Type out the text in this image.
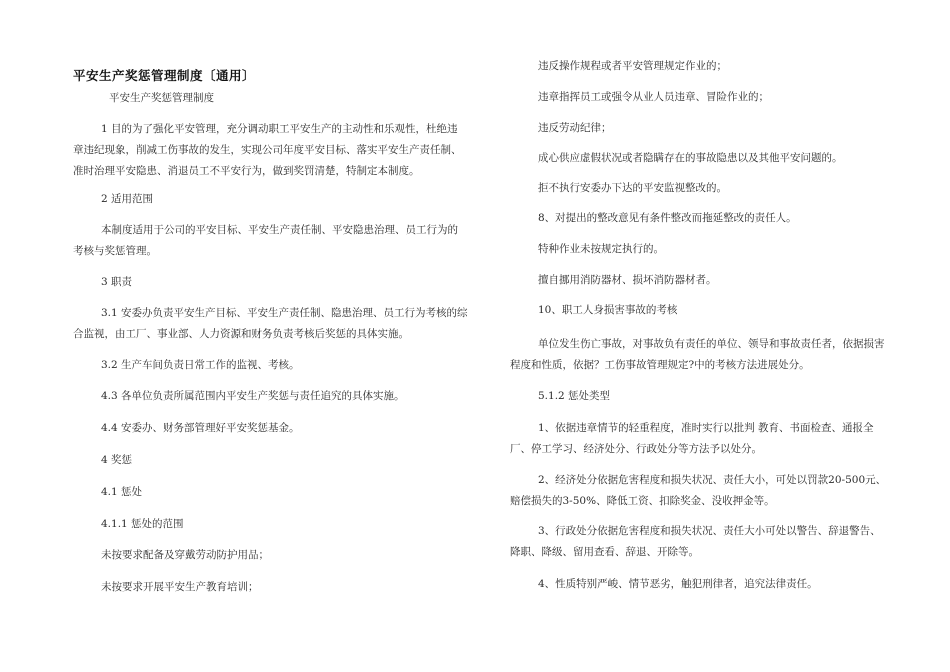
平安生产奖惩管理制度〔通用〕

平安生产奖惩管理制度

1 目的为了强化平安管理，充分调动职工平安生产的主动性和乐观性，杜绝违章违纪现象，削减工伤事故的发生，实现公司年度平安目标、落实平安生产责任制、准时治理平安隐患、消退员工不平安行为，做到奖罚清楚，特制定本制度。

2 适用范围

本制度适用于公司的平安目标、平安生产责任制、平安隐患治理、员工行为的考核与奖惩管理。

3 职责

3.1 安委办负责平安生产目标、平安生产责任制、隐患治理、员工行为考核的综合监视，由工厂、事业部、人力资源和财务负责考核后奖惩的具体实施。

3.2 生产车间负责日常工作的监视、考核。

4.3 各单位负责所属范围内平安生产奖惩与责任追究的具体实施。

4.4 安委办、财务部管理好平安奖惩基金。

4 奖惩

4.1 惩处

4.1.1 惩处的范围

未按要求配备及穿戴劳动防护用品；

未按要求开展平安生产教育培训；

违反操作规程或者平安管理规定作业的；

违章指挥员工或强令从业人员违章、冒险作业的；

违反劳动纪律；

成心供应虚假状况或者隐瞒存在的事故隐患以及其他平安问题的。

拒不执行安委办下达的平安监视整改的。

8、对提出的整改意见有条件整改而拖延整改的责任人。

特种作业未按规定执行的。

擅自挪用消防器材、损坏消防器材者。

10、职工人身损害事故的考核

单位发生伤亡事故，对事故负有责任的单位、领导和事故责任者，依据损害程度和性质，依据？工伤事故管理规定?中的考核方法进展处分。

5.1.2 惩处类型

1、依据违章情节的轻重程度，准时实行以批判 教育、书面检查、通报全厂、停工学习、经济处分、行政处分等方法予以处分。

2、经济处分依据危害程度和损失状况、责任大小，可处以罚款20-500元、赔偿损失的3-50%、降低工资、扣除奖金、没收押金等。

3、行政处分依据危害程度和损失状况、责任大小可处以警告、辞退警告、降职、降级、留用查看、辞退、开除等。

4、性质特别严峻、情节恶劣，触犯刑律者，追究法律责任。
